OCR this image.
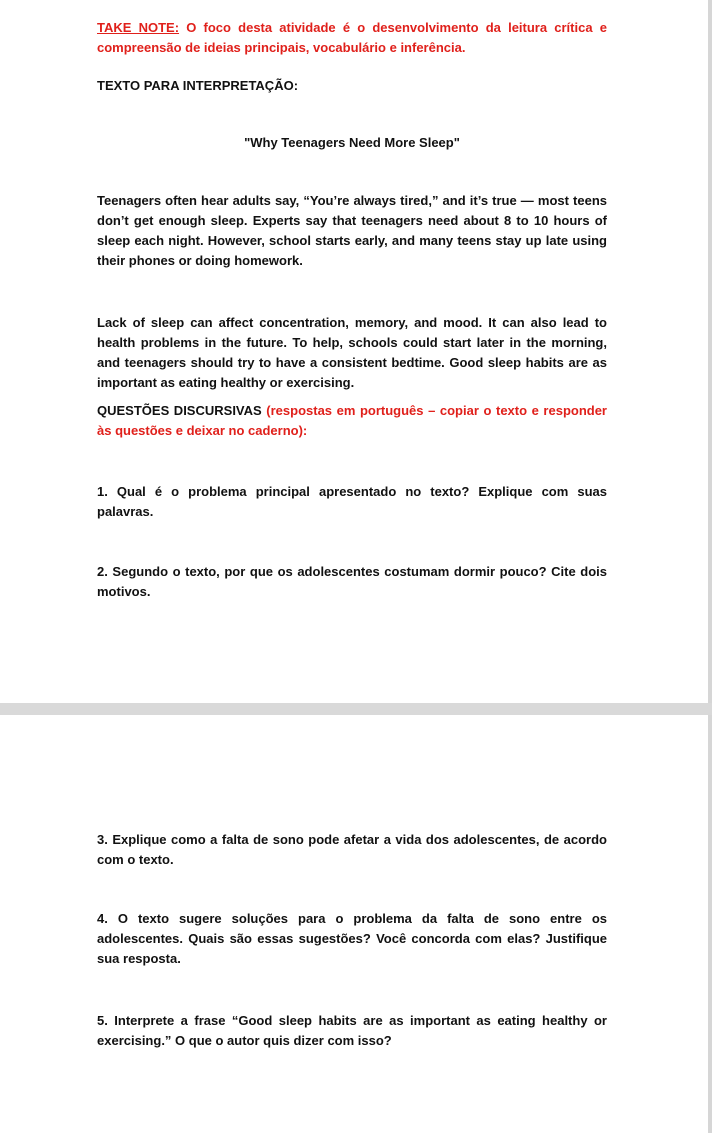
TAKE NOTE: O foco desta atividade é o desenvolvimento da leitura crítica e compreensão de ideias principais, vocabulário e inferência.

TEXTO PARA INTERPRETAÇÃO:

"Why Teenagers Need More Sleep"

Teenagers often hear adults say, “You’re always tired,” and it’s true — most teens don’t get enough sleep. Experts say that teenagers need about 8 to 10 hours of sleep each night. However, school starts early, and many teens stay up late using their phones or doing homework.

Lack of sleep can affect concentration, memory, and mood. It can also lead to health problems in the future. To help, schools could start later in the morning, and teenagers should try to have a consistent bedtime. Good sleep habits are as important as eating healthy or exercising.

QUESTÕES DISCURSIVAS (respostas em português – copiar o texto e responder às questões e deixar no caderno):

1. Qual é o problema principal apresentado no texto? Explique com suas palavras.

2. Segundo o texto, por que os adolescentes costumam dormir pouco? Cite dois motivos.

3. Explique como a falta de sono pode afetar a vida dos adolescentes, de acordo com o texto.

4. O texto sugere soluções para o problema da falta de sono entre os adolescentes. Quais são essas sugestões? Você concorda com elas? Justifique sua resposta.

5. Interprete a frase “Good sleep habits are as important as eating healthy or exercising.” O que o autor quis dizer com isso?
